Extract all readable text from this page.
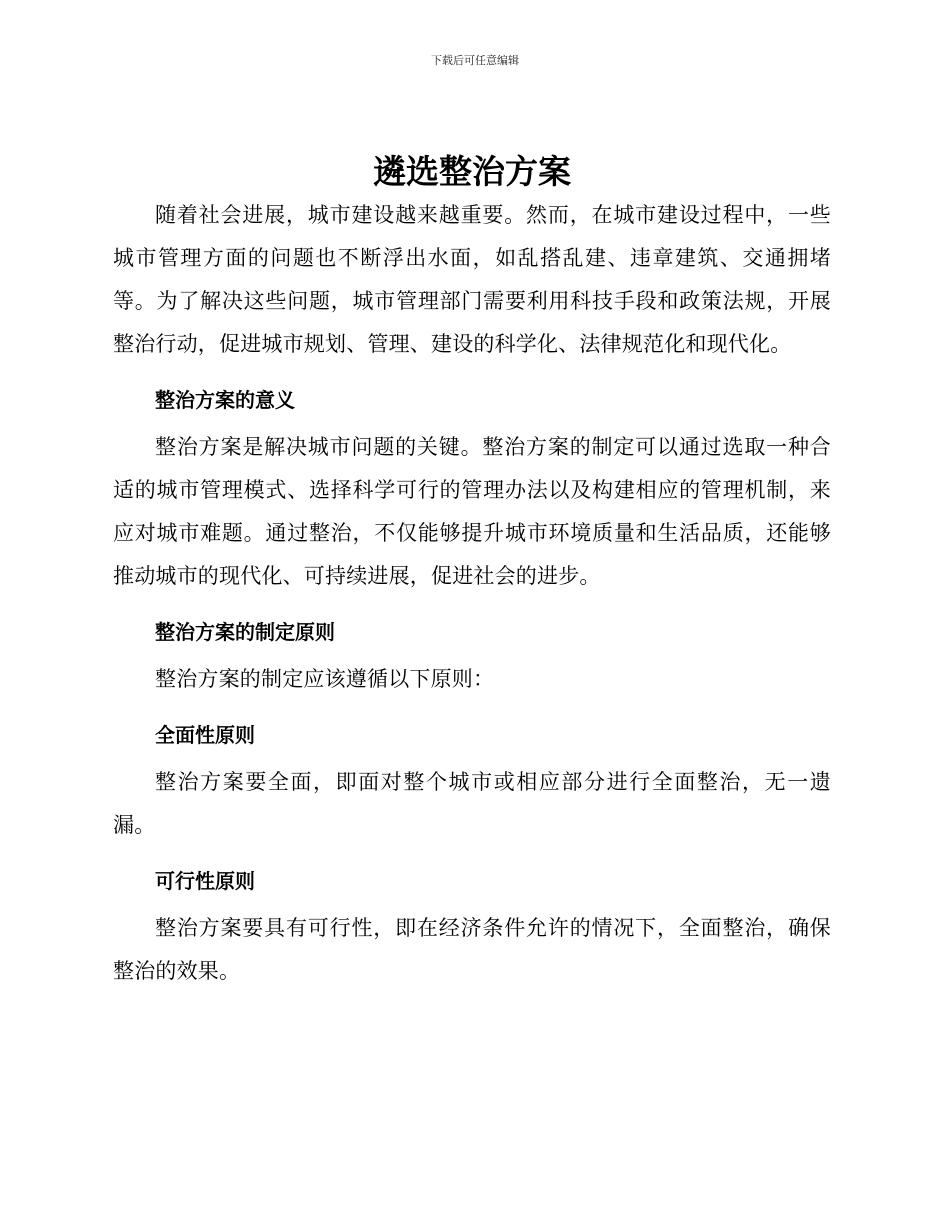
下载后可任意编辑
遴选整治方案

随着社会进展，城市建设越来越重要。然而，在城市建设过程中，一些城市管理方面的问题也不断浮出水面，如乱搭乱建、违章建筑、交通拥堵等。为了解决这些问题，城市管理部门需要利用科技手段和政策法规，开展整治行动，促进城市规划、管理、建设的科学化、法律规范化和现代化。

整治方案的意义

整治方案是解决城市问题的关键。整治方案的制定可以通过选取一种合适的城市管理模式、选择科学可行的管理办法以及构建相应的管理机制，来应对城市难题。通过整治，不仅能够提升城市环境质量和生活品质，还能够推动城市的现代化、可持续进展，促进社会的进步。

整治方案的制定原则

整治方案的制定应该遵循以下原则：

全面性原则

整治方案要全面，即面对整个城市或相应部分进行全面整治，无一遗漏。

可行性原则

整治方案要具有可行性，即在经济条件允许的情况下，全面整治，确保整治的效果。
